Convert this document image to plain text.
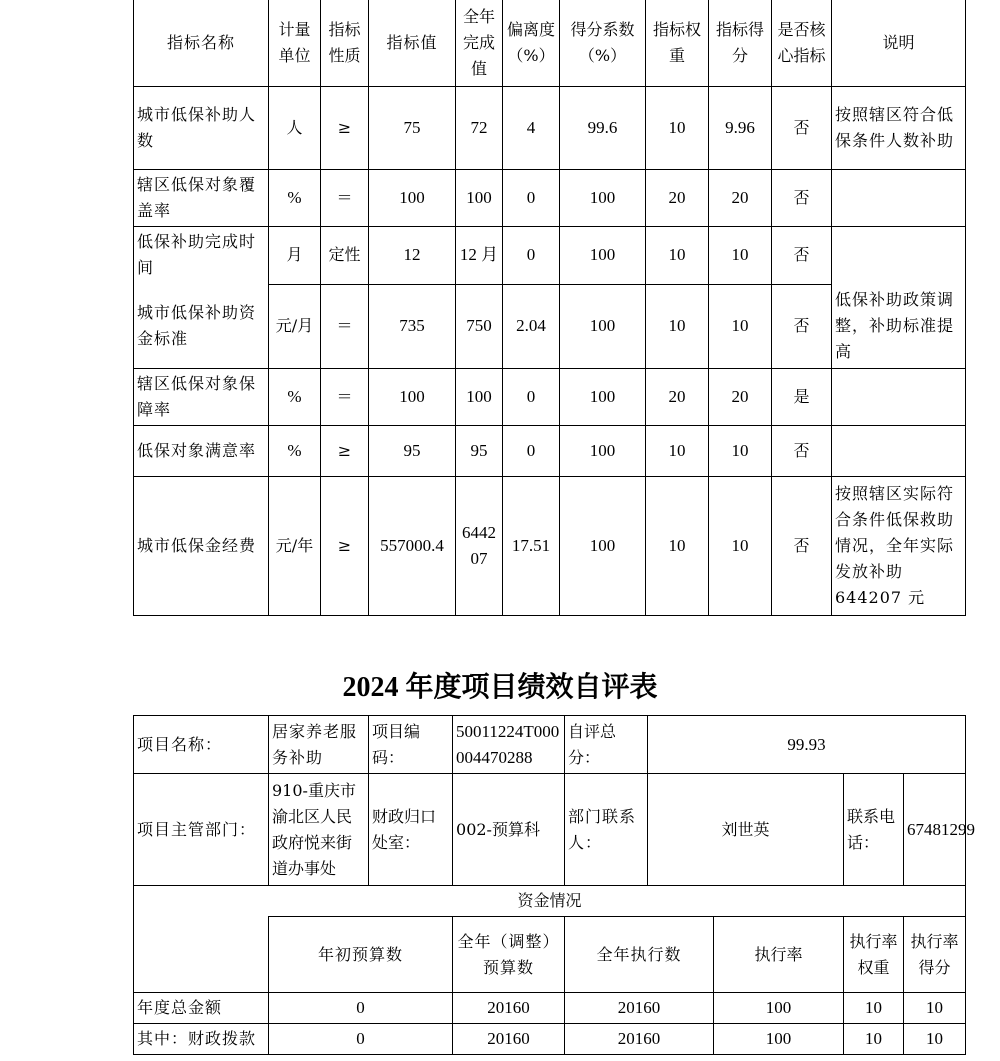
指标名称	计量单位	指标性质	指标值	全年完成值	偏离度（%）	得分系数（%）	指标权重	指标得分	是否核心指标	说明
城市低保补助人数	人	≥	75	72	4	99.6	10	9.96	否	按照辖区符合低保条件人数补助
辖区低保对象覆盖率	%	＝	100	100	0	100	20	20	否	
低保补助完成时间	月	定性	12	12 月	0	100	10	10	否	
城市低保补助资金标准	元/月	＝	735	750	2.04	100	10	10	否	低保补助政策调整，补助标准提高
辖区低保对象保障率	%	＝	100	100	0	100	20	20	是	
低保对象满意率	%	≥	95	95	0	100	10	10	否	
城市低保金经费	元/年	≥	557000.4	644207	17.51	100	10	10	否	按照辖区实际符合条件低保救助情况，全年实际发放补助 644207 元
2024 年度项目绩效自评表
项目名称：	居家养老服务补助	项目编码：	50011224T000004470288	自评总分：	99.93			
项目主管部门：	910-重庆市渝北区人民政府悦来街道办事处	财政归口处室：	002-预算科	部门联系人：	刘世英		联系电话：	67481299
资金情况								
	年初预算数		全年（调整）预算数	全年执行数		执行率	执行率权重	执行率得分
年度总金额	0		20160	20160		100	10	10
其中：财政拨款	0		20160	20160		100	10	10
